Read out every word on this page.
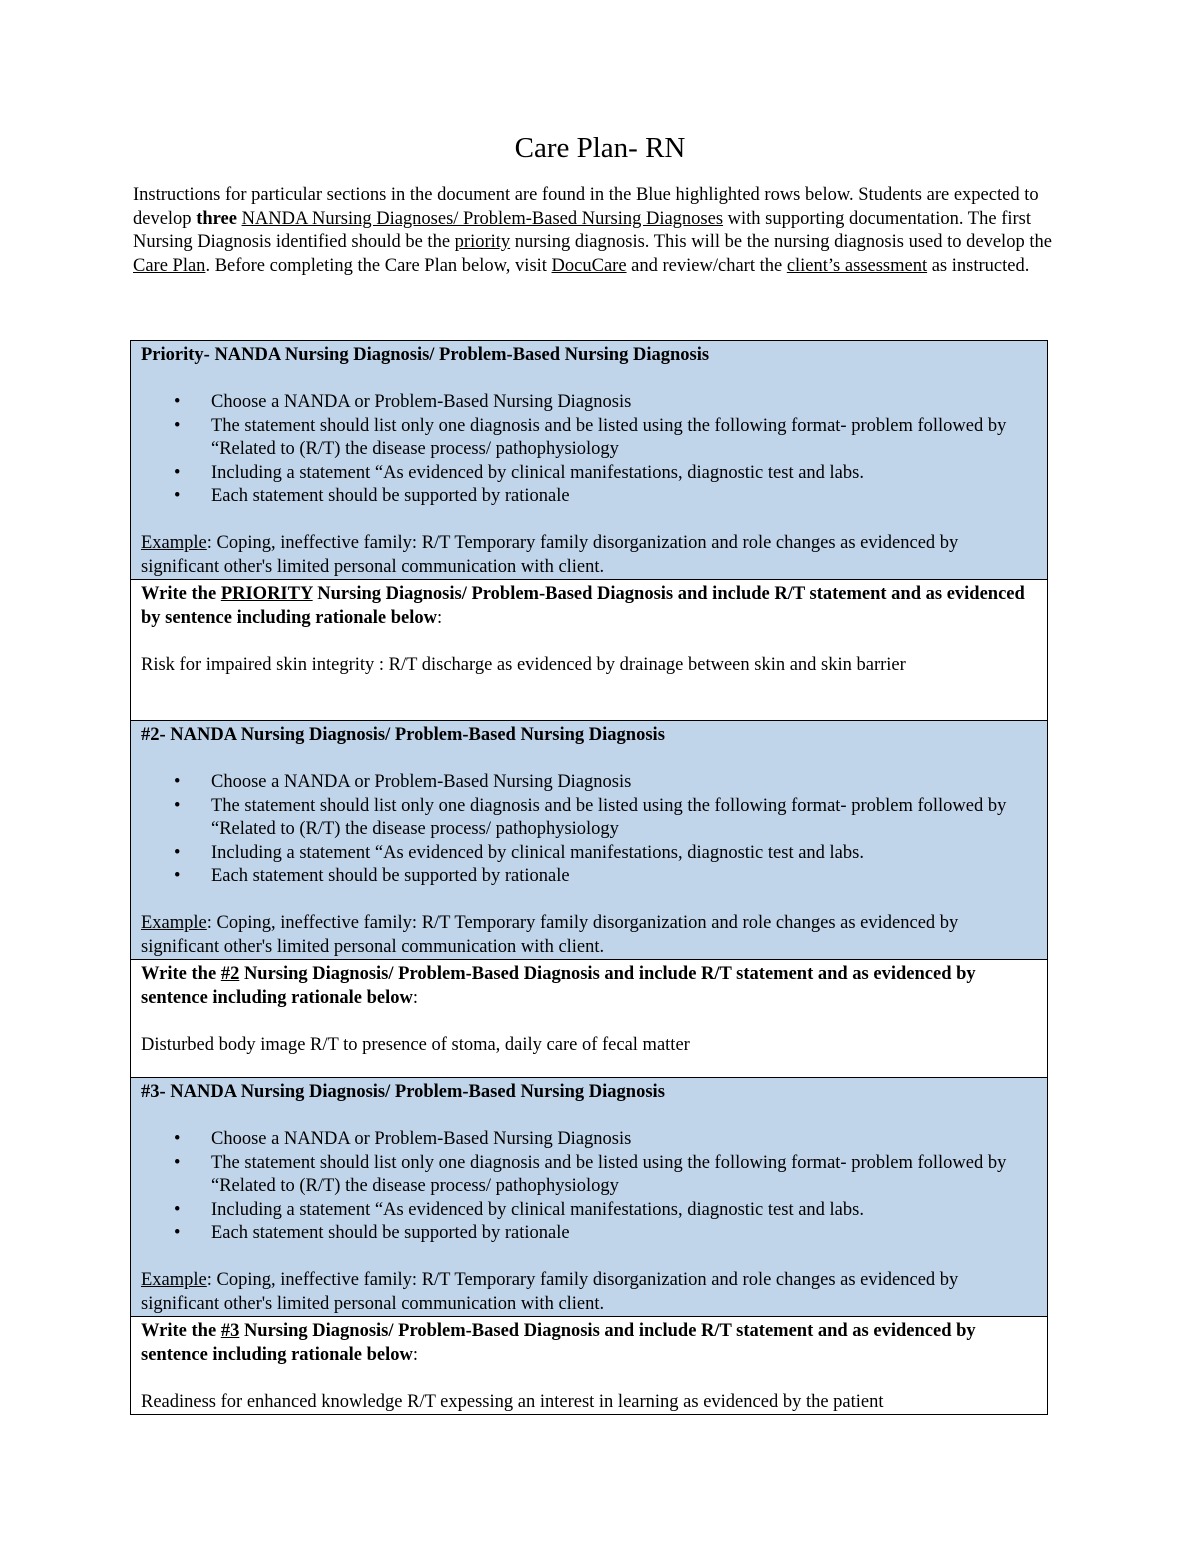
Care Plan- RN

Instructions for particular sections in the document are found in the Blue highlighted rows below. Students are expected to develop three NANDA Nursing Diagnoses/ Problem-Based Nursing Diagnoses with supporting documentation. The first Nursing Diagnosis identified should be the priority nursing diagnosis. This will be the nursing diagnosis used to develop the Care Plan. Before completing the Care Plan below, visit DocuCare and review/chart the client’s assessment as instructed.

Priority- NANDA Nursing Diagnosis/ Problem-Based Nursing Diagnosis

• Choose a NANDA or Problem-Based Nursing Diagnosis
• The statement should list only one diagnosis and be listed using the following format- problem followed by “Related to (R/T) the disease process/ pathophysiology
• Including a statement “As evidenced by clinical manifestations, diagnostic test and labs.
• Each statement should be supported by rationale

Example: Coping, ineffective family: R/T Temporary family disorganization and role changes as evidenced by significant other's limited personal communication with client.

Write the PRIORITY Nursing Diagnosis/ Problem-Based Diagnosis and include R/T statement and as evidenced by sentence including rationale below:

Risk for impaired skin integrity : R/T discharge as evidenced by drainage between skin and skin barrier

#2- NANDA Nursing Diagnosis/ Problem-Based Nursing Diagnosis

• Choose a NANDA or Problem-Based Nursing Diagnosis
• The statement should list only one diagnosis and be listed using the following format- problem followed by “Related to (R/T) the disease process/ pathophysiology
• Including a statement “As evidenced by clinical manifestations, diagnostic test and labs.
• Each statement should be supported by rationale

Example: Coping, ineffective family: R/T Temporary family disorganization and role changes as evidenced by significant other's limited personal communication with client.

Write the #2 Nursing Diagnosis/ Problem-Based Diagnosis and include R/T statement and as evidenced by sentence including rationale below:

Disturbed body image R/T to presence of stoma, daily care of fecal matter

#3- NANDA Nursing Diagnosis/ Problem-Based Nursing Diagnosis

• Choose a NANDA or Problem-Based Nursing Diagnosis
• The statement should list only one diagnosis and be listed using the following format- problem followed by “Related to (R/T) the disease process/ pathophysiology
• Including a statement “As evidenced by clinical manifestations, diagnostic test and labs.
• Each statement should be supported by rationale

Example: Coping, ineffective family: R/T Temporary family disorganization and role changes as evidenced by significant other's limited personal communication with client.

Write the #3 Nursing Diagnosis/ Problem-Based Diagnosis and include R/T statement and as evidenced by sentence including rationale below:

Readiness for enhanced knowledge R/T expessing an interest in learning as evidenced by the patient
